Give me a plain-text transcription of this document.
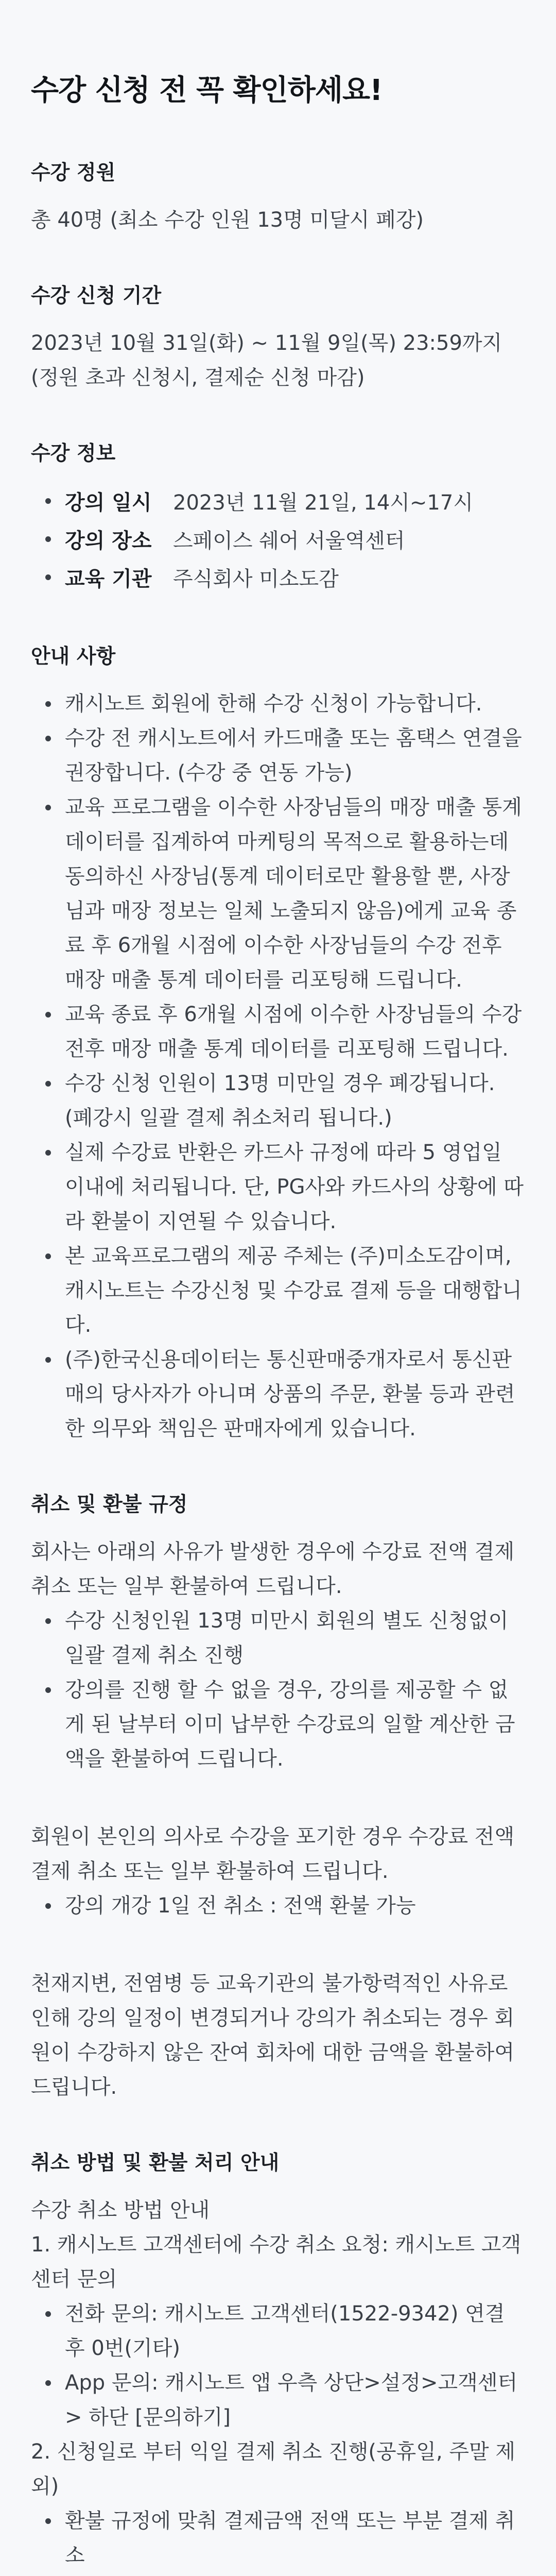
수강 신청 전 꼭 확인하세요!
수강 정원

총 40명 (최소 수강 인원 13명 미달시 폐강)

수강 신청 기간

2023년 10월 31일(화) ~ 11월 9일(목) 23:59까지

(정원 초과 신청시, 결제순 신청 마감)

수강 정보
강의 일시 2023년 11월 21일, 14시~17시
강의 장소 스페이스 쉐어 서울역센터
교육 기관 주식회사 미소도감
안내 사항
캐시노트 회원에 한해 수강 신청이 가능합니다.
수강 전 캐시노트에서 카드매출 또는 홈택스 연결을 권장합니다. (수강 중 연동 가능)
교육 프로그램을 이수한 사장님들의 매장 매출 통계 데이터를 집계하여 마케팅의 목적으로 활용하는데 동의하신 사장님(통계 데이터로만 활용할 뿐, 사장님과 매장 정보는 일체 노출되지 않음)에게 교육 종료 후 6개월 시점에 이수한 사장님들의 수강 전후 매장 매출 통계 데이터를 리포팅해 드립니다.
교육 종료 후 6개월 시점에 이수한 사장님들의 수강전후 매장 매출 통계 데이터를 리포팅해 드립니다.
수강 신청 인원이 13명 미만일 경우 폐강됩니다. (폐강시 일괄 결제 취소처리 됩니다.)
실제 수강료 반환은 카드사 규정에 따라 5 영업일 이내에 처리됩니다. 단, PG사와 카드사의 상황에 따라 환불이 지연될 수 있습니다.
본 교육프로그램의 제공 주체는 (주)미소도감이며, 캐시노트는 수강신청 및 수강료 결제 등을 대행합니다.
(주)한국신용데이터는 통신판매중개자로서 통신판매의 당사자가 아니며 상품의 주문, 환불 등과 관련한 의무와 책임은 판매자에게 있습니다.
취소 및 환불 규정

회사는 아래의 사유가 발생한 경우에 수강료 전액 결제 취소 또는 일부 환불하여 드립니다.

수강 신청인원 13명 미만시 회원의 별도 신청없이 일괄 결제 취소 진행
강의를 진행 할 수 없을 경우, 강의를 제공할 수 없게 된 날부터 이미 납부한 수강료의 일할 계산한 금액을 환불하여 드립니다.

회원이 본인의 의사로 수강을 포기한 경우 수강료 전액 결제 취소 또는 일부 환불하여 드립니다.

강의 개강 1일 전 취소 : 전액 환불 가능

천재지변, 전염병 등 교육기관의 불가항력적인 사유로 인해 강의 일정이 변경되거나 강의가 취소되는 경우 회원이 수강하지 않은 잔여 회차에 대한 금액을 환불하여 드립니다.

취소 방법 및 환불 처리 안내

수강 취소 방법 안내

1. 캐시노트 고객센터에 수강 취소 요청: 캐시노트 고객센터 문의

전화 문의: 캐시노트 고객센터(1522-9342) 연결 후 0번(기타)
App 문의: 캐시노트 앱 우측 상단>설정>고객센터> 하단 [문의하기]

2. 신청일로 부터 익일 결제 취소 진행(공휴일, 주말 제외)

환불 규정에 맞춰 결제금액 전액 또는 부분 결제 취소
